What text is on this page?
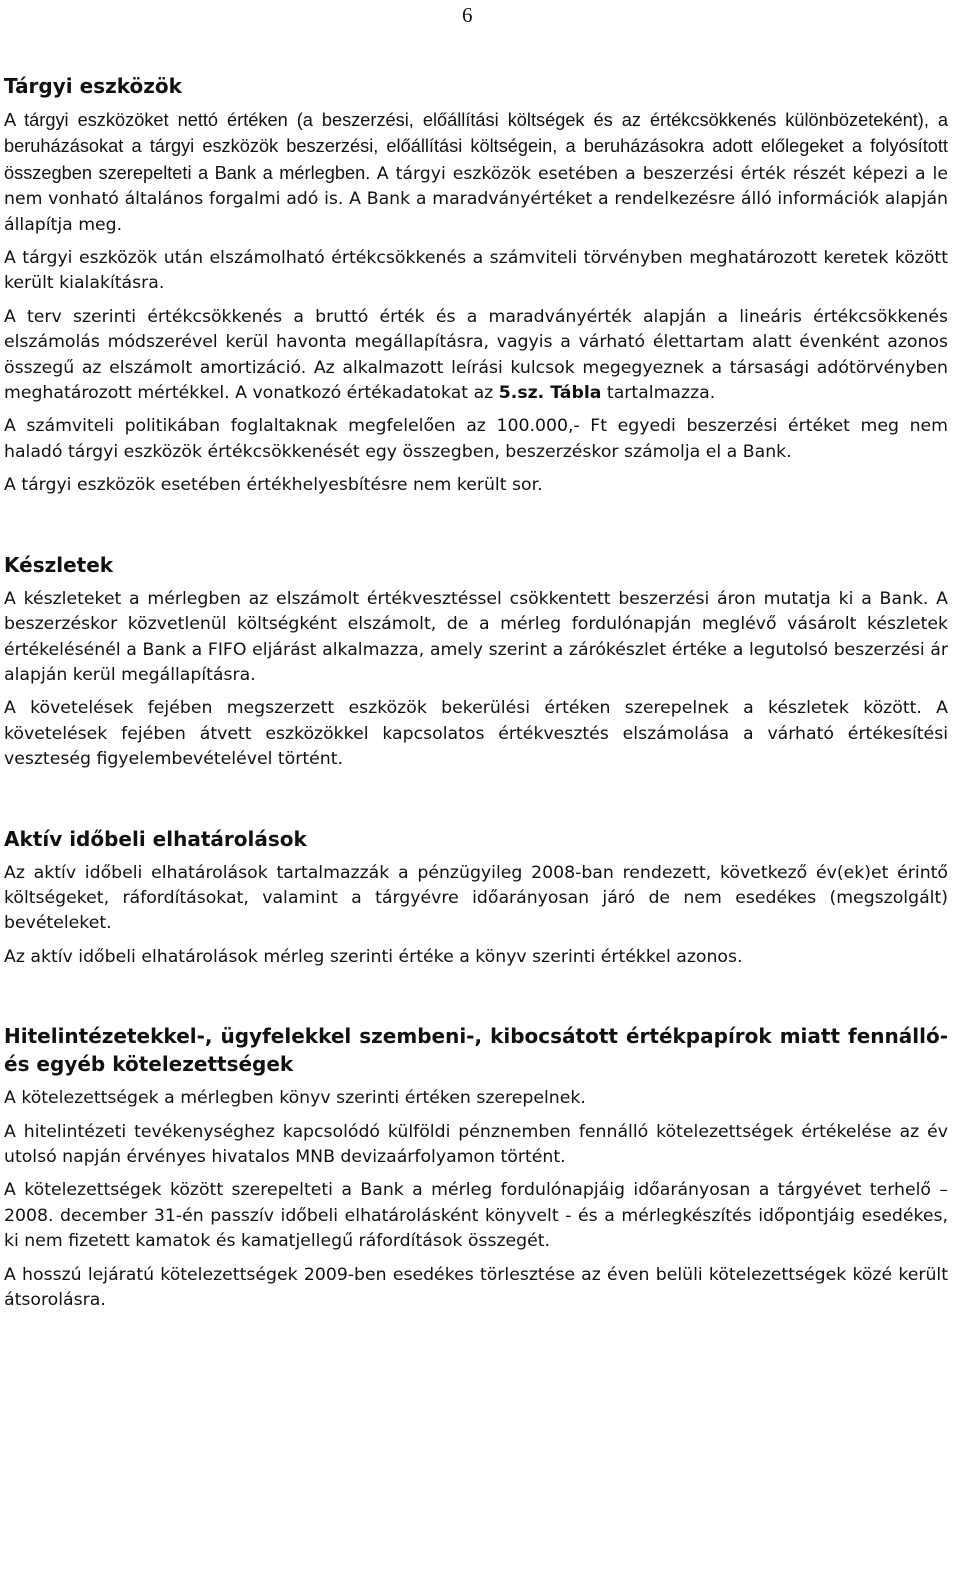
6
Tárgyi eszközök

A tárgyi eszközöket nettó értéken (a beszerzési, előállítási költségek és az értékcsökkenés különbözeteként), a beruházásokat a tárgyi eszközök beszerzési, előállítási költségein, a beruházásokra adott előlegeket a folyósított összegben szerepelteti a Bank a mérlegben. A tárgyi eszközök esetében a beszerzési érték részét képezi a le nem vonható általános forgalmi adó is. A Bank a maradványértéket a rendelkezésre álló információk alapján állapítja meg.

A tárgyi eszközök után elszámolható értékcsökkenés a számviteli törvényben meghatározott keretek között került kialakításra.

A terv szerinti értékcsökkenés a bruttó érték és a maradványérték alapján a lineáris értékcsökkenés elszámolás módszerével kerül havonta megállapításra, vagyis a várható élettartam alatt évenként azonos összegű az elszámolt amortizáció. Az alkalmazott leírási kulcsok megegyeznek a társasági adótörvényben meghatározott mértékkel. A vonatkozó értékadatokat az 5.sz. Tábla tartalmazza.

A számviteli politikában foglaltaknak megfelelően az 100.000,- Ft egyedi beszerzési értéket meg nem haladó tárgyi eszközök értékcsökkenését egy összegben, beszerzéskor számolja el a Bank.

A tárgyi eszközök esetében értékhelyesbítésre nem került sor.

Készletek

A készleteket a mérlegben az elszámolt értékvesztéssel csökkentett beszerzési áron mutatja ki a Bank. A beszerzéskor közvetlenül költségként elszámolt, de a mérleg fordulónapján meglévő vásárolt készletek értékelésénél a Bank a FIFO eljárást alkalmazza, amely szerint a zárókészlet értéke a legutolsó beszerzési ár alapján kerül megállapításra.

A követelések fejében megszerzett eszközök bekerülési értéken szerepelnek a készletek között. A követelések fejében átvett eszközökkel kapcsolatos értékvesztés elszámolása a várható értékesítési veszteség figyelembevételével történt.

Aktív időbeli elhatárolások

Az aktív időbeli elhatárolások tartalmazzák a pénzügyileg 2008-ban rendezett, következő év(ek)et érintő költségeket, ráfordításokat, valamint a tárgyévre időarányosan járó de nem esedékes (megszolgált) bevételeket.

Az aktív időbeli elhatárolások mérleg szerinti értéke a könyv szerinti értékkel azonos.

Hitelintézetekkel-, ügyfelekkel szembeni-, kibocsátott értékpapírok miatt fennálló- és egyéb kötelezettségek

A kötelezettségek a mérlegben könyv szerinti értéken szerepelnek.

A hitelintézeti tevékenységhez kapcsolódó külföldi pénznemben fennálló kötelezettségek értékelése az év utolsó napján érvényes hivatalos MNB devizaárfolyamon történt.

A kötelezettségek között szerepelteti a Bank a mérleg fordulónapjáig időarányosan a tárgyévet terhelő – 2008. december 31-én passzív időbeli elhatárolásként könyvelt - és a mérlegkészítés időpontjáig esedékes, ki nem fizetett kamatok és kamatjellegű ráfordítások összegét.

A hosszú lejáratú kötelezettségek 2009-ben esedékes törlesztése az éven belüli kötelezettségek közé került átsorolásra.
